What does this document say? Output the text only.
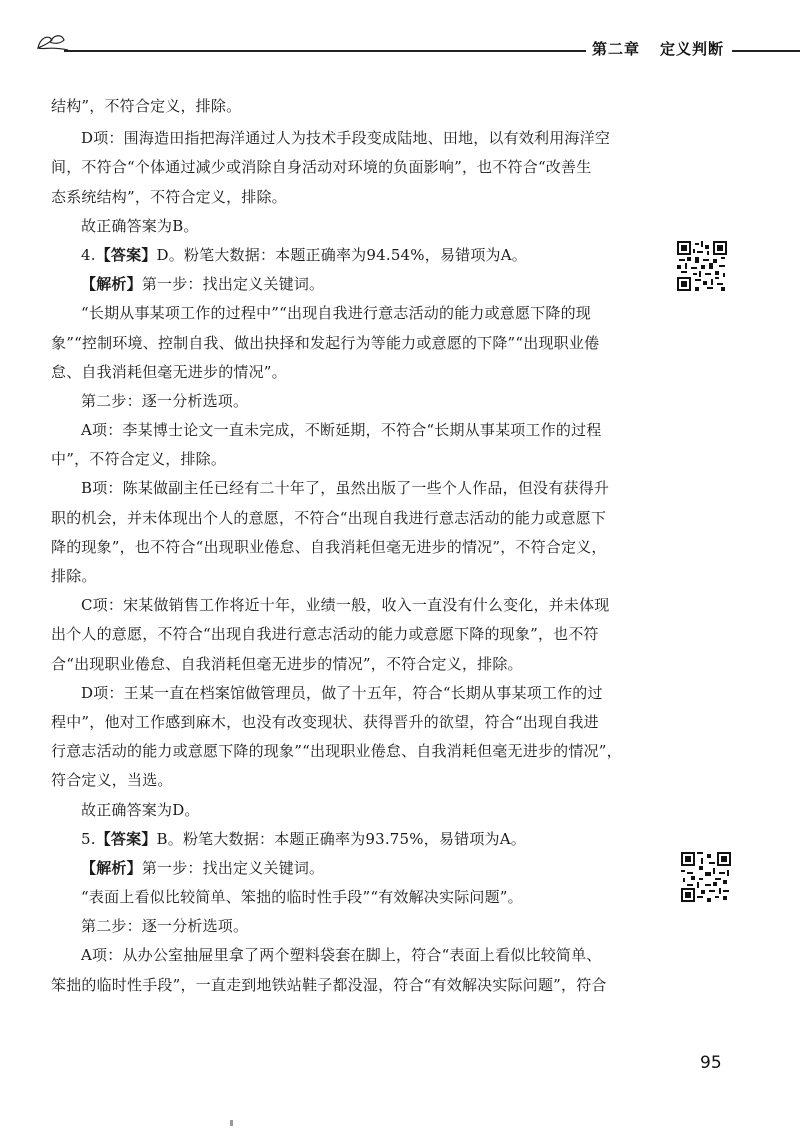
第二章 定义判断
结构”，不符合定义，排除。
D项：围海造田指把海洋通过人为技术手段变成陆地、田地，以有效利用海洋空
间，不符合“个体通过减少或消除自身活动对环境的负面影响”，也不符合“改善生
态系统结构”，不符合定义，排除。
故正确答案为B。
4.【答案】D。粉笔大数据：本题正确率为94.54%，易错项为A。
【解析】第一步：找出定义关键词。
“长期从事某项工作的过程中”“出现自我进行意志活动的能力或意愿下降的现
象”“控制环境、控制自我、做出抉择和发起行为等能力或意愿的下降”“出现职业倦
怠、自我消耗但毫无进步的情况”。
第二步：逐一分析选项。
A项：李某博士论文一直未完成，不断延期，不符合“长期从事某项工作的过程
中”，不符合定义，排除。
B项：陈某做副主任已经有二十年了，虽然出版了一些个人作品，但没有获得升
职的机会，并未体现出个人的意愿，不符合“出现自我进行意志活动的能力或意愿下
降的现象”，也不符合“出现职业倦怠、自我消耗但毫无进步的情况”，不符合定义，
排除。
C项：宋某做销售工作将近十年，业绩一般，收入一直没有什么变化，并未体现
出个人的意愿，不符合“出现自我进行意志活动的能力或意愿下降的现象”，也不符
合“出现职业倦怠、自我消耗但毫无进步的情况”，不符合定义，排除。
D项：王某一直在档案馆做管理员，做了十五年，符合“长期从事某项工作的过
程中”，他对工作感到麻木，也没有改变现状、获得晋升的欲望，符合“出现自我进
行意志活动的能力或意愿下降的现象”“出现职业倦怠、自我消耗但毫无进步的情况”，
符合定义，当选。
故正确答案为D。
5.【答案】B。粉笔大数据：本题正确率为93.75%，易错项为A。
【解析】第一步：找出定义关键词。
“表面上看似比较简单、笨拙的临时性手段”“有效解决实际问题”。
第二步：逐一分析选项。
A项：从办公室抽屉里拿了两个塑料袋套在脚上，符合“表面上看似比较简单、
笨拙的临时性手段”，一直走到地铁站鞋子都没湿，符合“有效解决实际问题”，符合
95
